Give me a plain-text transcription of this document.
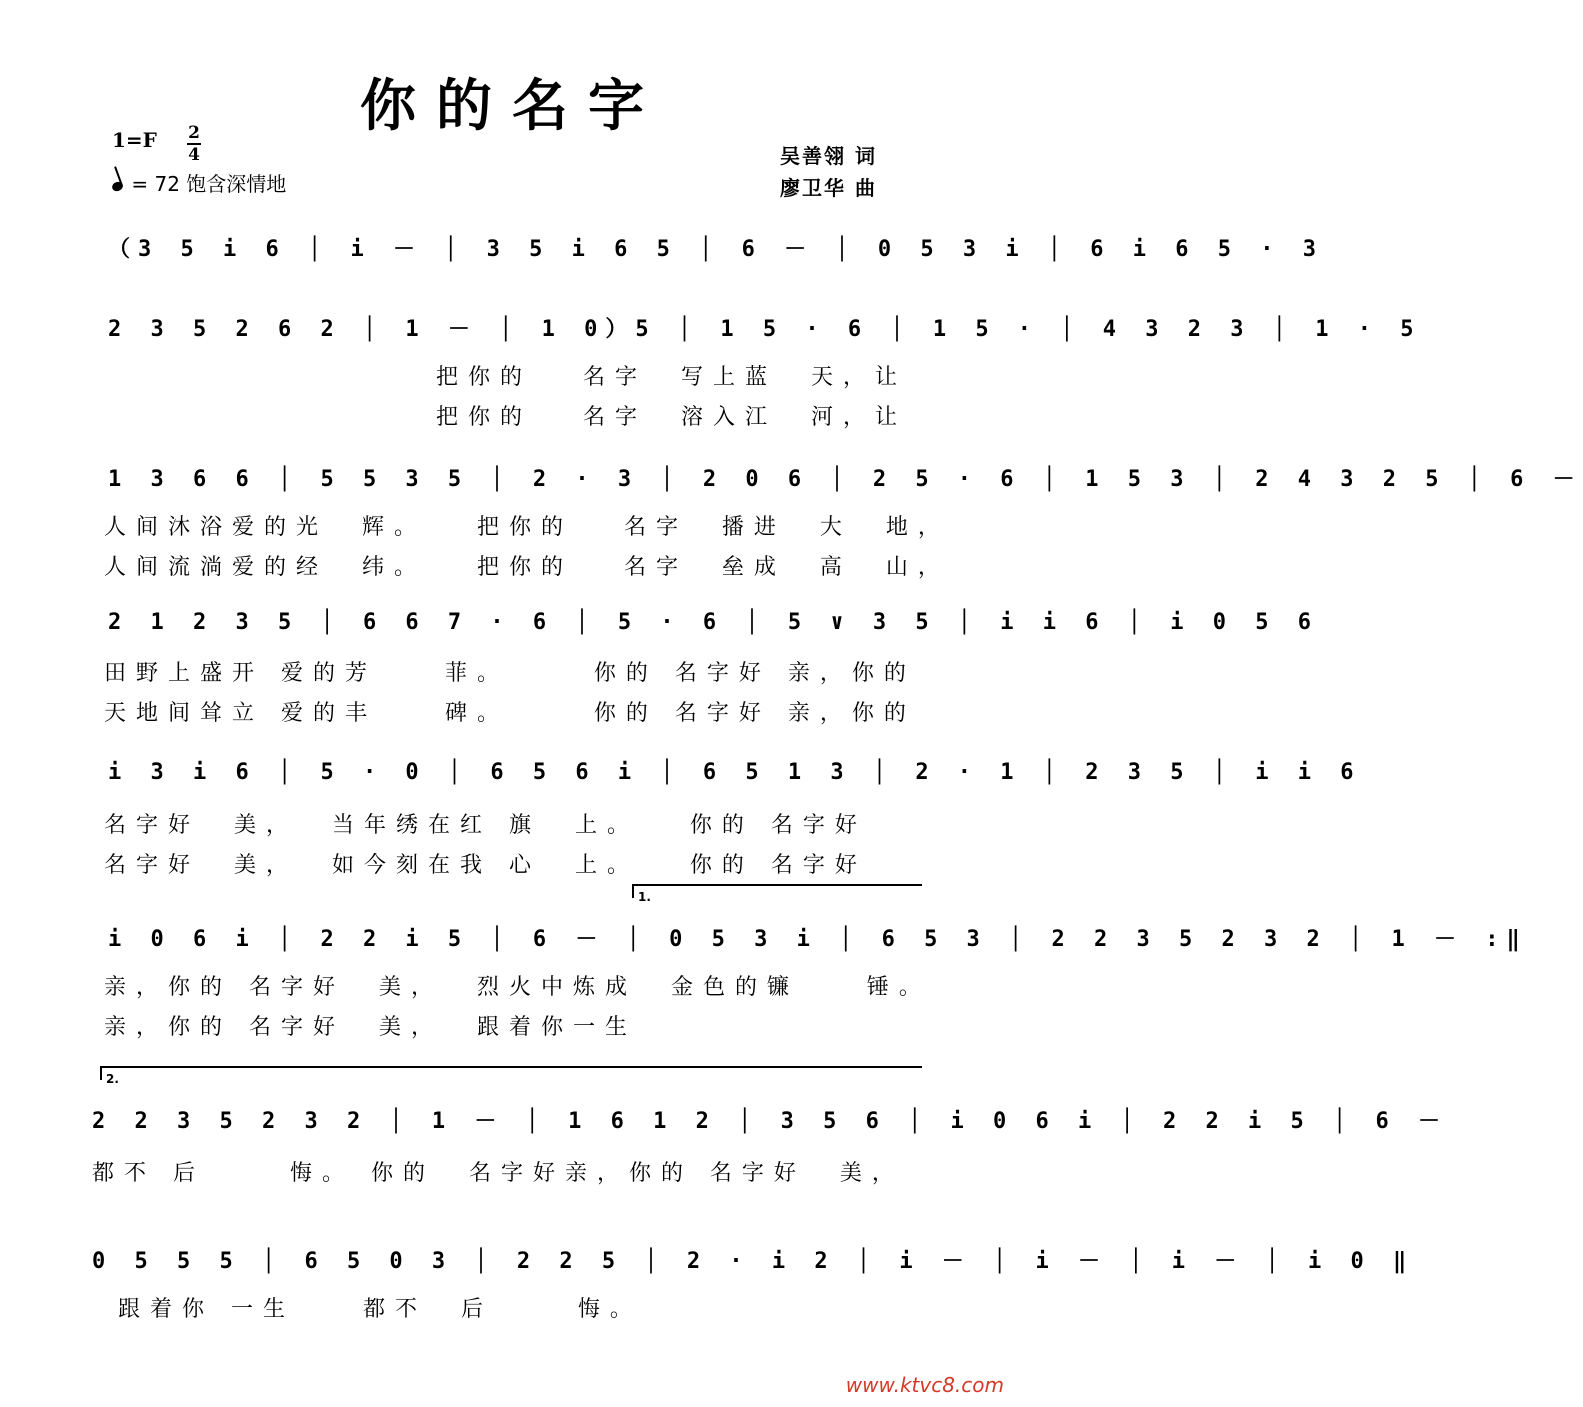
你的名字
1=F 2
4
= 72 饱含深情地
吴善翎 词
廖卫华 曲
（3 5 i 6 │ i － │ 3 5 i 6 5 │ 6 － │ 0 5 3 i │ 6 i 6 5 · 3
2 3 5 2 6 2 │ 1 － │ 1 0）5 │ 1 5 · 6 │ 1 5 · │ 4 3 2 3 │ 1 · 5
把你的   名字  写上蓝  天，让
把你的   名字  溶入江  河，让
1 3 6 6 │ 5 5 3 5 │ 2 · 3 │ 2 0 6 │ 2 5 · 6 │ 1 5 3 │ 2 4 3 2 5 │ 6 －
人间沐浴爱的光  辉。   把你的   名字  播进  大  地，
人间流淌爱的经  纬。   把你的   名字  垒成  高  山，
2 1 2 3 5 │ 6 6 7 · 6 │ 5 · 6 │ 5 ∨ 3 5 │ i i 6 │ i 0 5 6
田野上盛开 爱的芳    菲。     你的 名字好 亲，你的
天地间耸立 爱的丰    碑。     你的 名字好 亲，你的
i 3 i 6 │ 5 · 0 │ 6 5 6 i │ 6 5 1 3 │ 2 · 1 │ 2 3 5 │ i i 6
名字好  美，  当年绣在红 旗  上。   你的 名字好
名字好  美，  如今刻在我 心  上。   你的 名字好
1.
i 0 6 i │ 2 2 i 5 │ 6 － │ 0 5 3 i │ 6 5 3 │ 2 2 3 5 2 3 2 │ 1 － :‖
亲，你的 名字好  美，  烈火中炼成  金色的镰    锤。
亲，你的 名字好  美，  跟着你一生
2.
2 2 3 5 2 3 2 │ 1 － │ 1 6 1 2 │ 3 5 6 │ i 0 6 i │ 2 2 i 5 │ 6 －
都不 后     悔。 你的  名字好亲，你的 名字好  美，
0 5 5 5 │ 6 5 0 3 │ 2 2 5 │ 2 · i 2 │ i － │ i － │ i － │ i 0 ‖
跟着你 一生    都不  后     悔。
www.ktvc8.com
